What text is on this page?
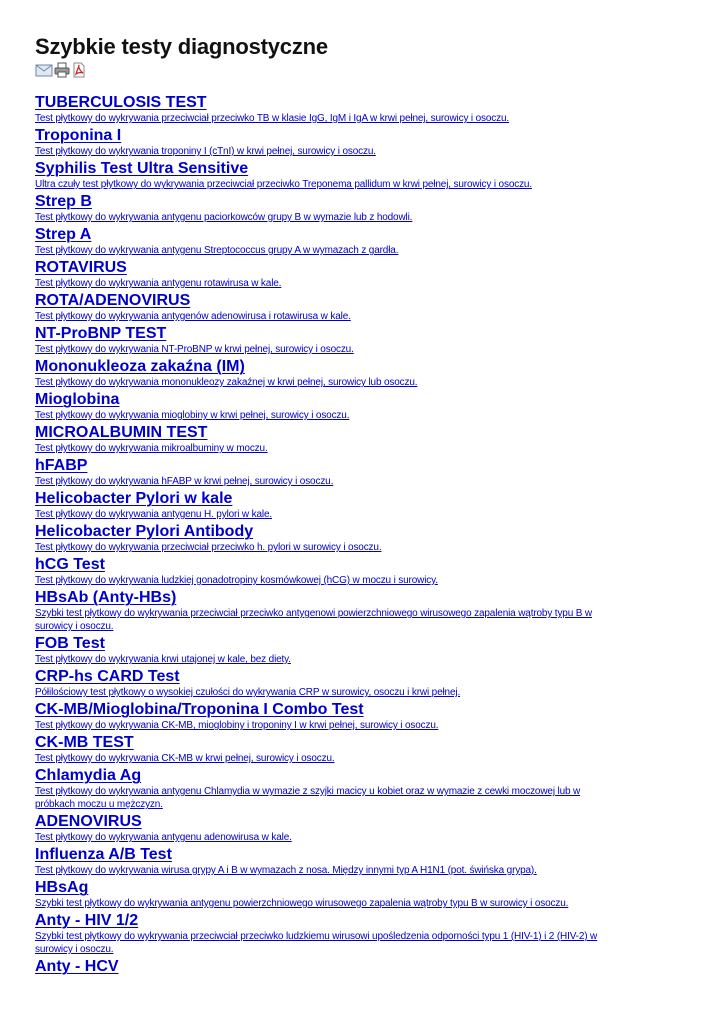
Szybkie testy diagnostyczne
TUBERCULOSIS TEST
Test płytkowy do wykrywania przeciwciał przeciwko TB w klasie IgG, IgM i IgA w krwi pełnej, surowicy i osoczu.
Troponina I
Test płytkowy do wykrywania troponiny I (cTnI) w krwi pełnej, surowicy i osoczu.
Syphilis Test Ultra Sensitive
Ultra czuły test płytkowy do wykrywania przeciwciał przeciwko Treponema pallidum w krwi pełnej, surowicy i osoczu.
Strep B
Test płytkowy do wykrywania antygenu paciorkowców grupy B w wymazie lub z hodowli.
Strep A
Test płytkowy do wykrywania antygenu Streptococcus grupy A w wymazach z gardła.
ROTAVIRUS
Test płytkowy do wykrywania antygenu rotawirusa w kale.
ROTA/ADENOVIRUS
Test płytkowy do wykrywania antygenów adenowirusa i rotawirusa w kale.
NT-ProBNP TEST
Test płytkowy do wykrywania NT-ProBNP w krwi pełnej, surowicy i osoczu.
Mononukleoza zakaźna (IM)
Test płytkowy do wykrywania mononukleozy zakaźnej w krwi pełnej, surowicy lub osoczu.
Mioglobina
Test płytkowy do wykrywania mioglobiny w krwi pełnej, surowicy i osoczu.
MICROALBUMIN TEST
Test płytkowy do wykrywania mikroalbuminy w moczu.
hFABP
Test płytkowy do wykrywania hFABP w krwi pełnej, surowicy i osoczu.
Helicobacter Pylori w kale
Test płytkowy do wykrywania antygenu H. pylori w kale.
Helicobacter Pylori Antibody
Test płytkowy do wykrywania przeciwciał przeciwko h. pylori w surowicy i osoczu.
hCG Test
Test płytkowy do wykrywania ludzkiej gonadotropiny kosmówkowej (hCG) w moczu i surowicy.
HBsAb (Anty-HBs)
Szybki test płytkowy do wykrywania przeciwciał przeciwko antygenowi powierzchniowego wirusowego zapalenia wątroby typu B w surowicy i osoczu.
FOB Test
Test płytkowy do wykrywania krwi utajonej w kale, bez diety.
CRP-hs CARD Test
Półilościowy test płytkowy o wysokiej czułości do wykrywania CRP w surowicy, osoczu i krwi pełnej.
CK-MB/Mioglobina/Troponina I Combo Test
Test płytkowy do wykrywania CK-MB, mioglobiny i troponiny I w krwi pełnej, surowicy i osoczu.
CK-MB TEST
Test płytkowy do wykrywania CK-MB w krwi pełnej, surowicy i osoczu.
Chlamydia Ag
Test płytkowy do wykrywania antygenu Chlamydia w wymazie z szyjki macicy u kobiet oraz w wymazie z cewki moczowej lub w próbkach moczu u mężczyzn.
ADENOVIRUS
Test płytkowy do wykrywania antygenu adenowirusa w kale.
Influenza A/B Test
Test płytkowy do wykrywania wirusa grypy A i B w wymazach z nosa. Między innymi typ A H1N1 (pot. świńska grypa).
HBsAg
Szybki test płytkowy do wykrywania antygenu powierzchniowego wirusowego zapalenia wątroby typu B w surowicy i osoczu.
Anty - HIV 1/2
Szybki test płytkowy do wykrywania przeciwciał przeciwko ludzkiemu wirusowi upośledzenia odporności typu 1 (HIV-1) i 2 (HIV-2) w surowicy i osoczu.
Anty - HCV
